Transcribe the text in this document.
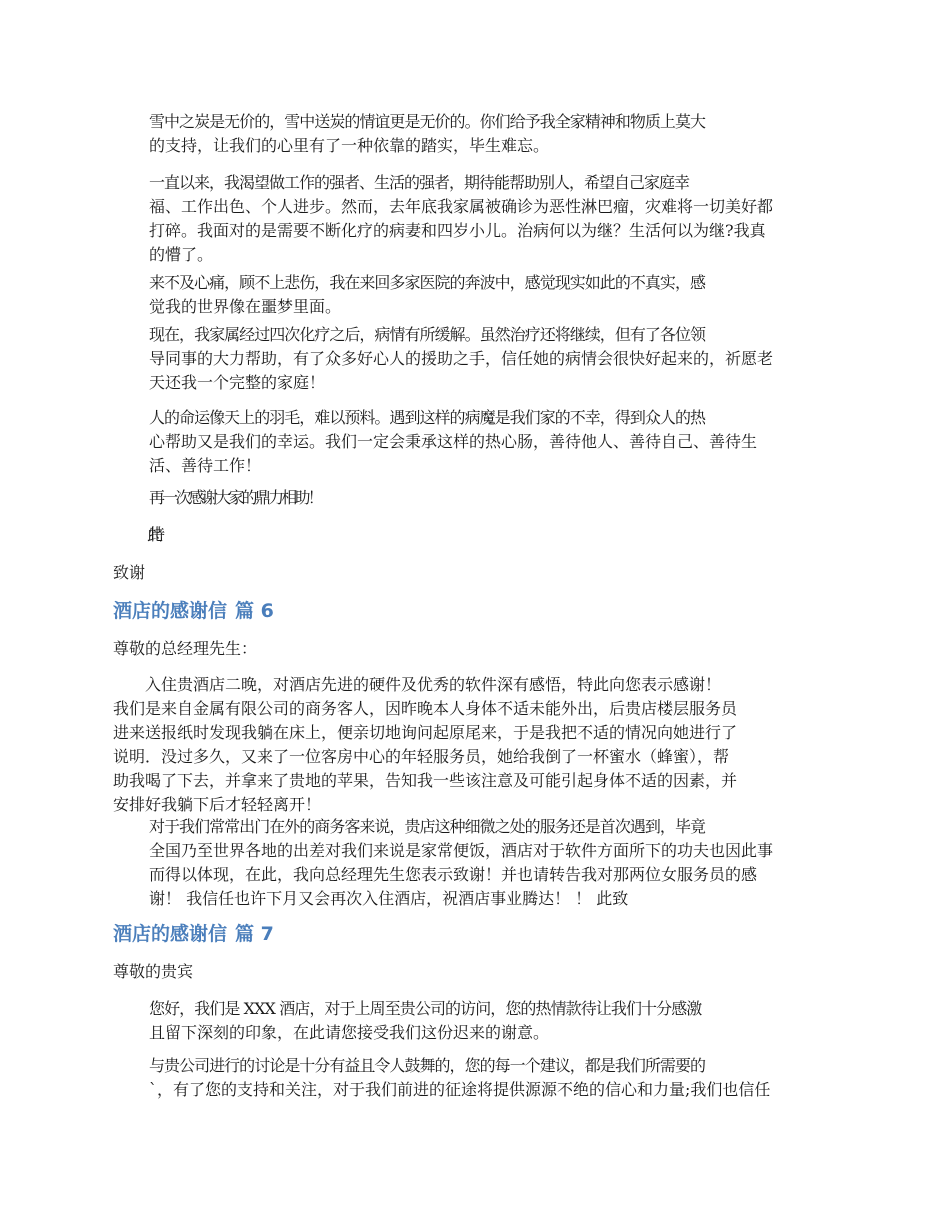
雪中之炭是无价的，雪中送炭的情谊更是无价的。你们给予我全家精神和物质上莫大
的支持，让我们的心里有了一种依靠的踏实，毕生难忘。

一直以来，我渴望做工作的强者、生活的强者，期待能帮助别人，希望自己家庭幸
福、工作出色、个人进步。然而，去年底我家属被确诊为恶性淋巴瘤，灾难将一切美好都
打碎。我面对的是需要不断化疗的病妻和四岁小儿。治病何以为继？生活何以为继?我真
的懵了。

来不及心痛，顾不上悲伤，我在来回多家医院的奔波中，感觉现实如此的不真实，感
觉我的世界像在噩梦里面。

现在，我家属经过四次化疗之后，病情有所缓解。虽然治疗还将继续，但有了各位领
导同事的大力帮助，有了众多好心人的援助之手，信任她的病情会很快好起来的，祈愿老
天还我一个完整的家庭！

人的命运像天上的羽毛，难以预料。遇到这样的病魔是我们家的不幸，得到众人的热
心帮助又是我们的幸运。我们一定会秉承这样的热心肠，善待他人、善待自己、善待生
活、善待工作！

再一次感谢大家的鼎力相助！

致谢

酒店的感谢信 篇 6

尊敬的总经理先生：

　　入住贵酒店二晚，对酒店先进的硬件及优秀的软件深有感悟，特此向您表示感谢！
我们是来自金属有限公司的商务客人，因昨晚本人身体不适未能外出，后贵店楼层服务员
进来送报纸时发现我躺在床上，便亲切地询问起原尾来，于是我把不适的情况向她进行了
说明．没过多久，又来了一位客房中心的年轻服务员，她给我倒了一杯蜜水（蜂蜜），帮
助我喝了下去，并拿来了贵地的苹果，告知我一些该注意及可能引起身体不适的因素，并
安排好我躺下后才轻轻离开！

对于我们常常出门在外的商务客来说，贵店这种细微之处的服务还是首次遇到，毕竟
全国乃至世界各地的出差对我们来说是家常便饭，酒店对于软件方面所下的功夫也因此事
而得以体现，在此，我向总经理先生您表示致谢！并也请转告我对那两位女服务员的感
谢！ 我信任也许下月又会再次入住酒店，祝酒店事业腾达！ ！ 此致

酒店的感谢信 篇 7

尊敬的贵宾

您好，我们是 XXX 酒店，对于上周至贵公司的访问，您的热情款待让我们十分感激
且留下深刻的印象，在此请您接受我们这份迟来的谢意。

与贵公司进行的讨论是十分有益且令人鼓舞的，您的每一个建议，都是我们所需要的
`，有了您的支持和关注，对于我们前进的征途将提供源源不绝的信心和力量;我们也信任
